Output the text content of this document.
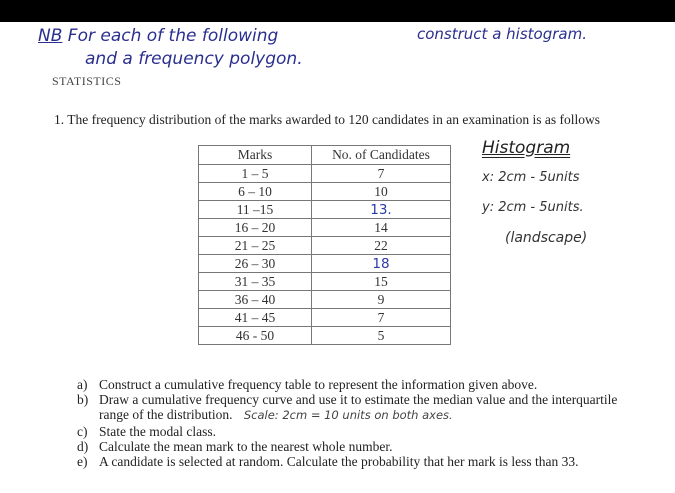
NB For each of the following	construct a histogram.
and a frequency polygon.
STATISTICS
1. The frequency distribution of the marks awarded to 120 candidates in an examination is as follows
Marks	No. of Candidates
1 – 5	7
6 – 10	10
11 –15	13.
16 – 20	14
21 – 25	22
26 – 30	18
31 – 35	15
36 – 40	9
41 – 45	7
46 - 50	5
Histogram
x: 2cm - 5units
y: 2cm - 5units.
(landscape)
a) Construct a cumulative frequency table to represent the information given above.
b) Draw a cumulative frequency curve and use it to estimate the median value and the interquartile
range of the distribution. Scale: 2cm = 10 units on both axes.
c) State the modal class.
d) Calculate the mean mark to the nearest whole number.
e) A candidate is selected at random. Calculate the probability that her mark is less than 33.
